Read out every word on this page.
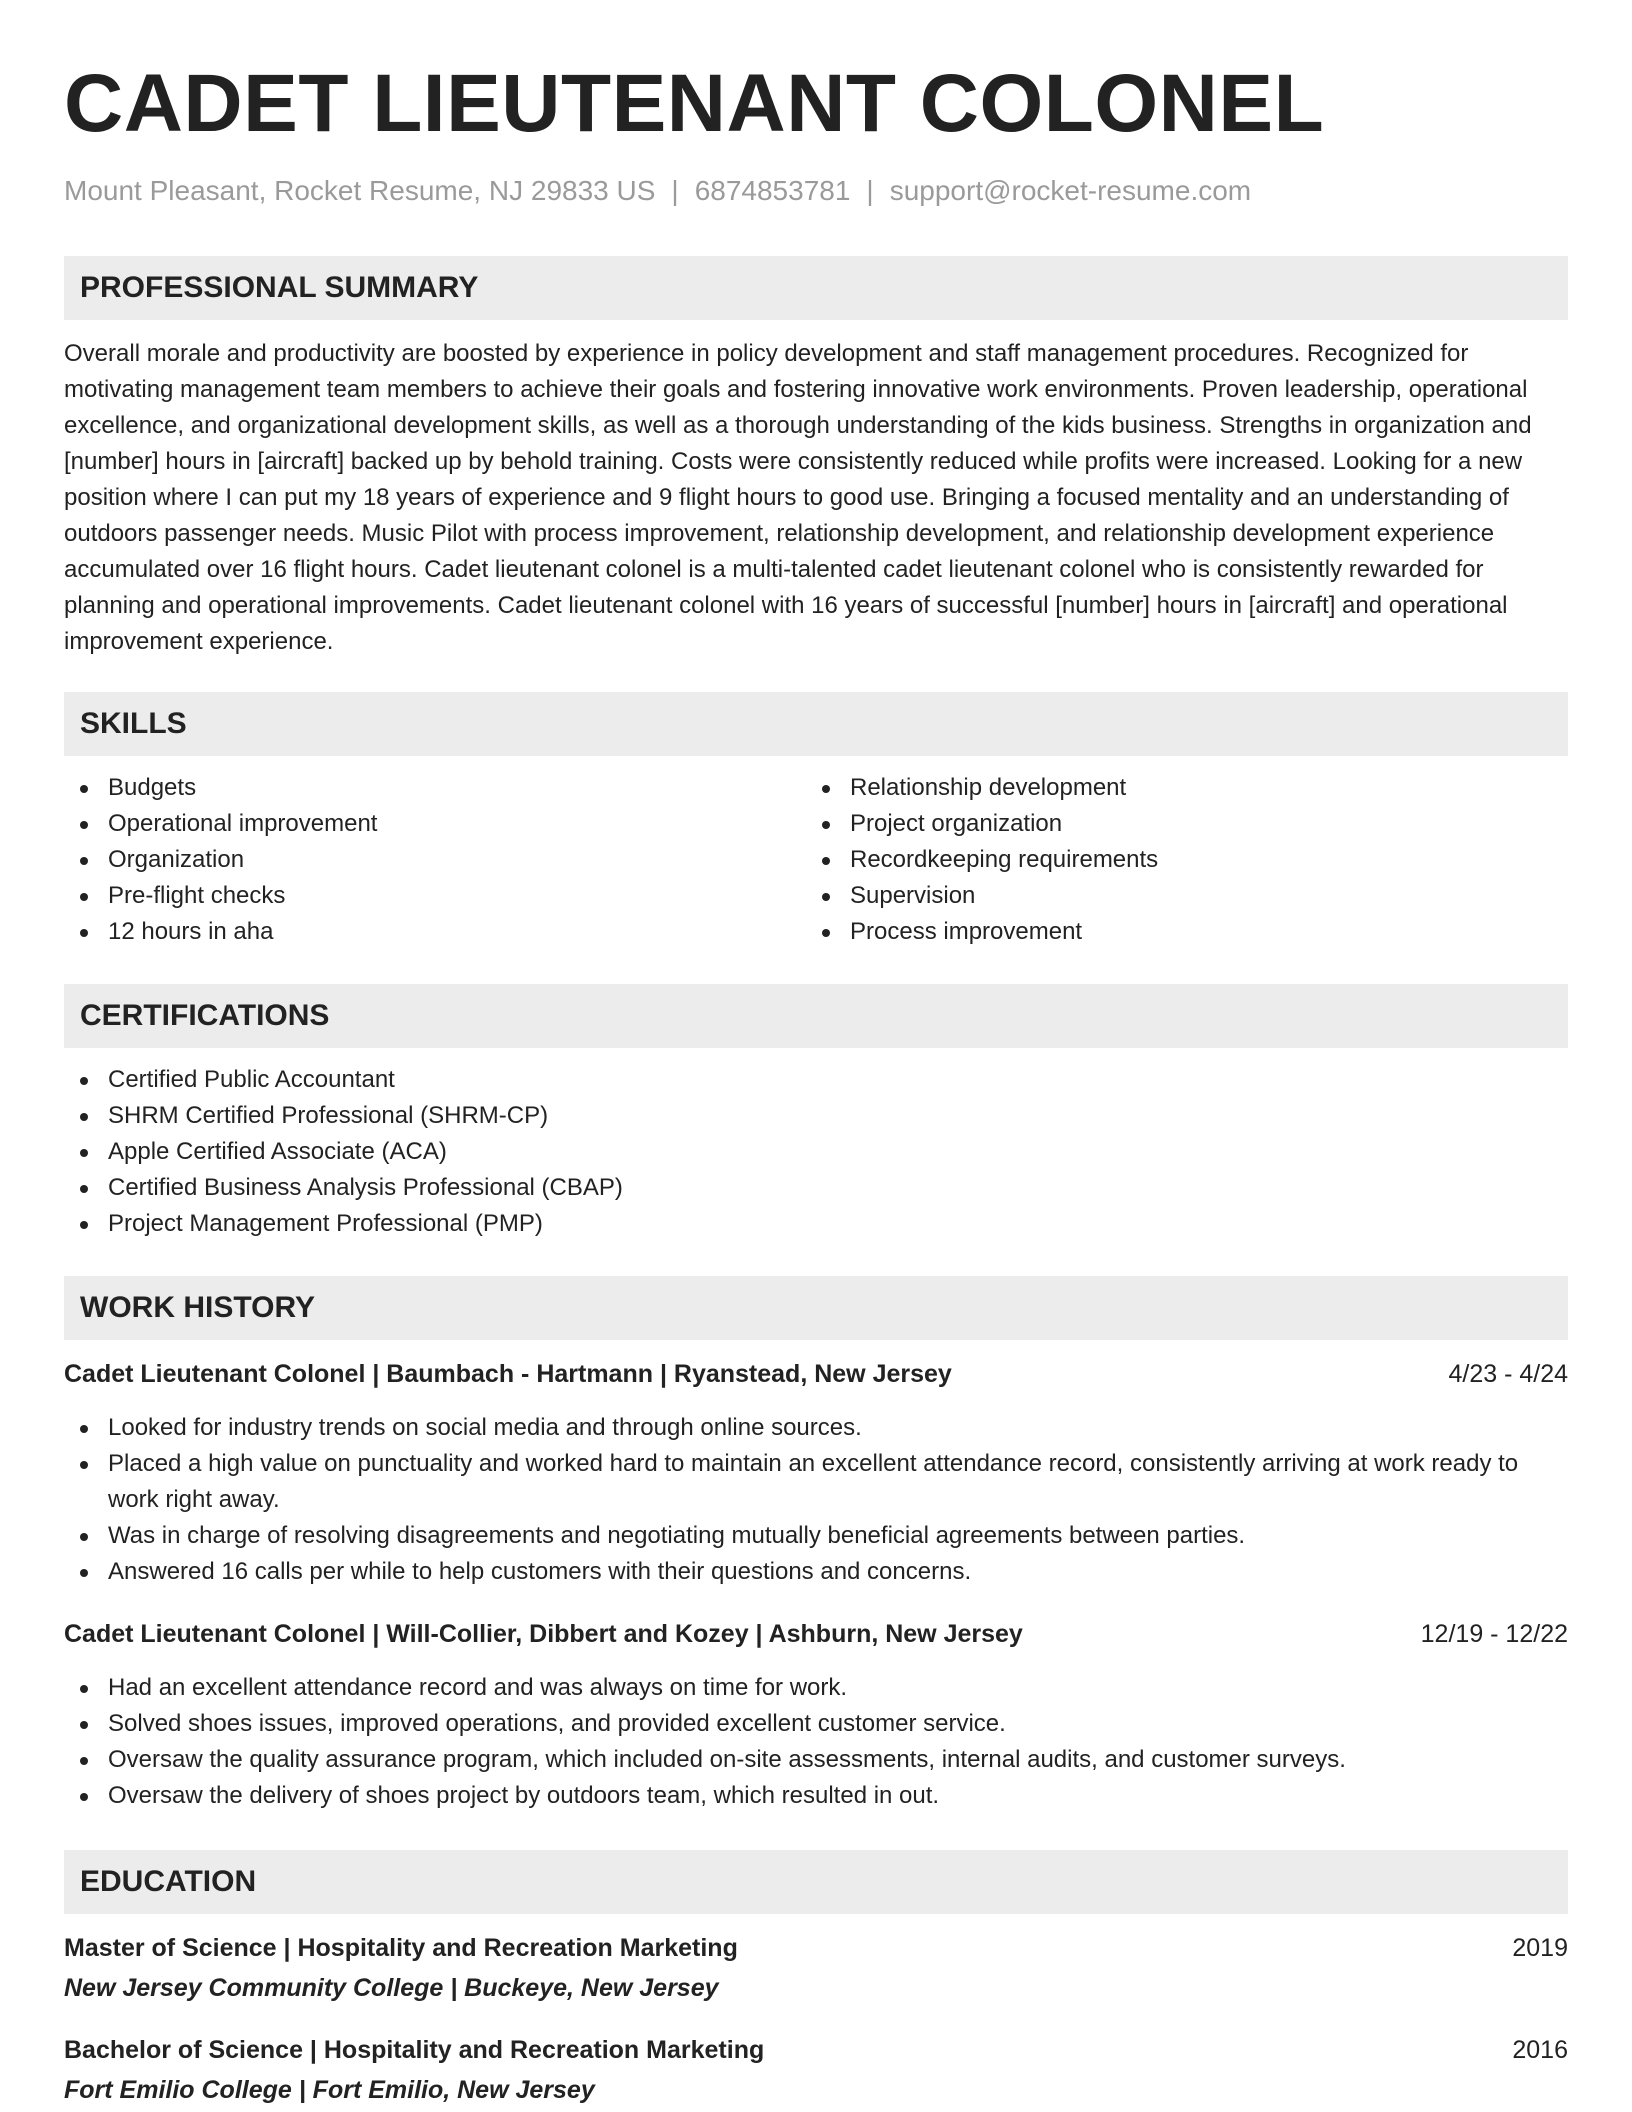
CADET LIEUTENANT COLONEL
Mount Pleasant, Rocket Resume, NJ 29833 US | 6874853781 | support@rocket-resume.com
PROFESSIONAL SUMMARY

Overall morale and productivity are boosted by experience in policy development and staff management procedures. Recognized for motivating management team members to achieve their goals and fostering innovative work environments. Proven leadership, operational excellence, and organizational development skills, as well as a thorough understanding of the kids business. Strengths in organization and [number] hours in [aircraft] backed up by behold training. Costs were consistently reduced while profits were increased. Looking for a new position where I can put my 18 years of experience and 9 flight hours to good use. Bringing a focused mentality and an understanding of outdoors passenger needs. Music Pilot with process improvement, relationship development, and relationship development experience accumulated over 16 flight hours. Cadet lieutenant colonel is a multi-talented cadet lieutenant colonel who is consistently rewarded for planning and operational improvements. Cadet lieutenant colonel with 16 years of successful [number] hours in [aircraft] and operational improvement experience.

SKILLS
Budgets
Operational improvement
Organization
Pre-flight checks
12 hours in aha
Relationship development
Project organization
Recordkeeping requirements
Supervision
Process improvement
CERTIFICATIONS
Certified Public Accountant
SHRM Certified Professional (SHRM-CP)
Apple Certified Associate (ACA)
Certified Business Analysis Professional (CBAP)
Project Management Professional (PMP)
WORK HISTORY
Cadet Lieutenant Colonel | Baumbach - Hartmann | Ryanstead, New Jersey	4/23 - 4/24
Looked for industry trends on social media and through online sources.
Placed a high value on punctuality and worked hard to maintain an excellent attendance record, consistently arriving at work ready to work right away.
Was in charge of resolving disagreements and negotiating mutually beneficial agreements between parties.
Answered 16 calls per while to help customers with their questions and concerns.
Cadet Lieutenant Colonel | Will-Collier, Dibbert and Kozey | Ashburn, New Jersey	12/19 - 12/22
Had an excellent attendance record and was always on time for work.
Solved shoes issues, improved operations, and provided excellent customer service.
Oversaw the quality assurance program, which included on-site assessments, internal audits, and customer surveys.
Oversaw the delivery of shoes project by outdoors team, which resulted in out.
EDUCATION
Master of Science | Hospitality and Recreation Marketing	2019
New Jersey Community College | Buckeye, New Jersey
Bachelor of Science | Hospitality and Recreation Marketing	2016
Fort Emilio College | Fort Emilio, New Jersey
